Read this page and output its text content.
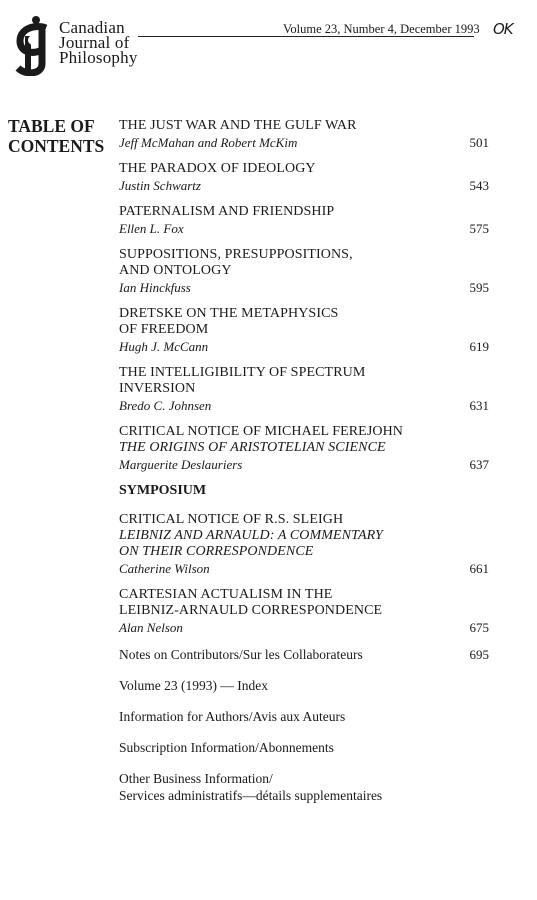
Canadian
Journal of
Philosophy
Volume 23, Number 4, December 1993 OK
TABLE OF
CONTENTS
THE JUST WAR AND THE GULF WAR
Jeff McMahan and Robert McKim	501
THE PARADOX OF IDEOLOGY
Justin Schwartz	543
PATERNALISM AND FRIENDSHIP
Ellen L. Fox	575
SUPPOSITIONS, PRESUPPOSITIONS,
AND ONTOLOGY
Ian Hinckfuss	595
DRETSKE ON THE METAPHYSICS
OF FREEDOM
Hugh J. McCann	619
THE INTELLIGIBILITY OF SPECTRUM
INVERSION
Bredo C. Johnsen	631
CRITICAL NOTICE OF MICHAEL FEREJOHN
THE ORIGINS OF ARISTOTELIAN SCIENCE
Marguerite Deslauriers	637
SYMPOSIUM
CRITICAL NOTICE OF R.S. SLEIGH
LEIBNIZ AND ARNAULD: A COMMENTARY
ON THEIR CORRESPONDENCE
Catherine Wilson	661
CARTESIAN ACTUALISM IN THE
LEIBNIZ-ARNAULD CORRESPONDENCE
Alan Nelson	675
Notes on Contributors/Sur les Collaborateurs	695
Volume 23 (1993) — Index
Information for Authors/Avis aux Auteurs
Subscription Information/Abonnements
Other Business Information/
Services administratifs—détails supplementaires
